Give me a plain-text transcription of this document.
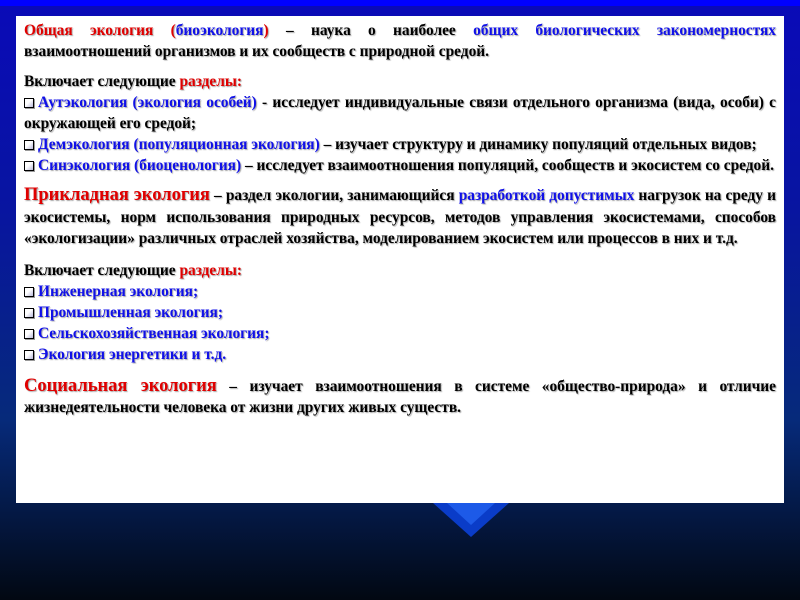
Общая экология (биоэкология) – наука о наиболее общих биологических закономерностях взаимоотношений организмов и их сообществ с природной средой.

Включает следующие разделы:

Аутэкология (экология особей) - исследует индивидуальные связи отдельного организма (вида, особи) с окружающей его средой;

Демэкология (популяционная экология) – изучает структуру и динамику популяций отдельных видов;

Синэкология (биоценология) – исследует взаимоотношения популяций, сообществ и экосистем со средой.

Прикладная экология – раздел экологии, занимающийся разработкой допустимых нагрузок на среду и экосистемы, норм использования природных ресурсов, методов управления экосистемами, способов «экологизации» различных отраслей хозяйства, моделированием экосистем или процессов в них и т.д.

Включает следующие разделы:

Инженерная экология;

Промышленная экология;

Сельскохозяйственная экология;

Экология энергетики и т.д.

Социальная экология – изучает взаимоотношения в системе «общество-природа» и отличие жизнедеятельности человека от жизни других живых существ.
